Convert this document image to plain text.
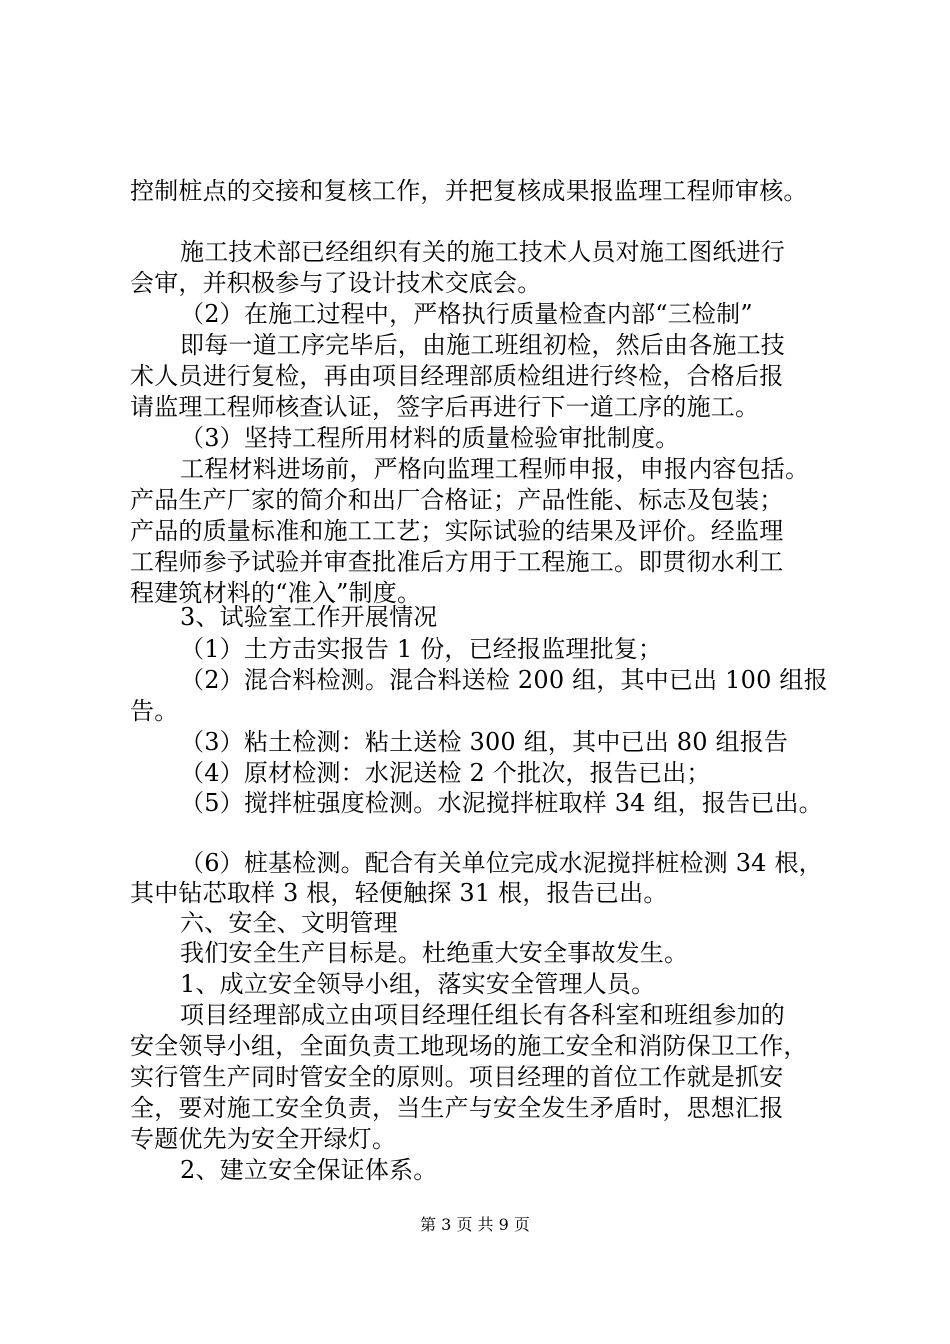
控制桩点的交接和复核工作，并把复核成果报监理工程师审核。
施工技术部已经组织有关的施工技术人员对施工图纸进行
会审，并积极参与了设计技术交底会。
（2）在施工过程中，严格执行质量检查内部“三检制”
即每一道工序完毕后，由施工班组初检，然后由各施工技
术人员进行复检，再由项目经理部质检组进行终检，合格后报
请监理工程师核查认证，签字后再进行下一道工序的施工。
（3）坚持工程所用材料的质量检验审批制度。
工程材料进场前，严格向监理工程师申报，申报内容包括。
产品生产厂家的简介和出厂合格证；产品性能、标志及包装；
产品的质量标准和施工工艺；实际试验的结果及评价。经监理
工程师参予试验并审查批准后方用于工程施工。即贯彻水利工
程建筑材料的“准入”制度。
3、试验室工作开展情况
（1）土方击实报告 1 份，已经报监理批复；
（2）混合料检测。混合料送检 200 组，其中已出 100 组报
告。
（3）粘土检测：粘土送检 300 组，其中已出 80 组报告
（4）原材检测：水泥送检 2 个批次，报告已出；
（5）搅拌桩强度检测。水泥搅拌桩取样 34 组，报告已出。
（6）桩基检测。配合有关单位完成水泥搅拌桩检测 34 根，
其中钻芯取样 3 根，轻便触探 31 根，报告已出。
六、安全、文明管理
我们安全生产目标是。杜绝重大安全事故发生。
1、成立安全领导小组，落实安全管理人员。
项目经理部成立由项目经理任组长有各科室和班组参加的
安全领导小组，全面负责工地现场的施工安全和消防保卫工作，
实行管生产同时管安全的原则。项目经理的首位工作就是抓安
全，要对施工安全负责，当生产与安全发生矛盾时，思想汇报
专题优先为安全开绿灯。
2、建立安全保证体系。
第 3 页 共 9 页
